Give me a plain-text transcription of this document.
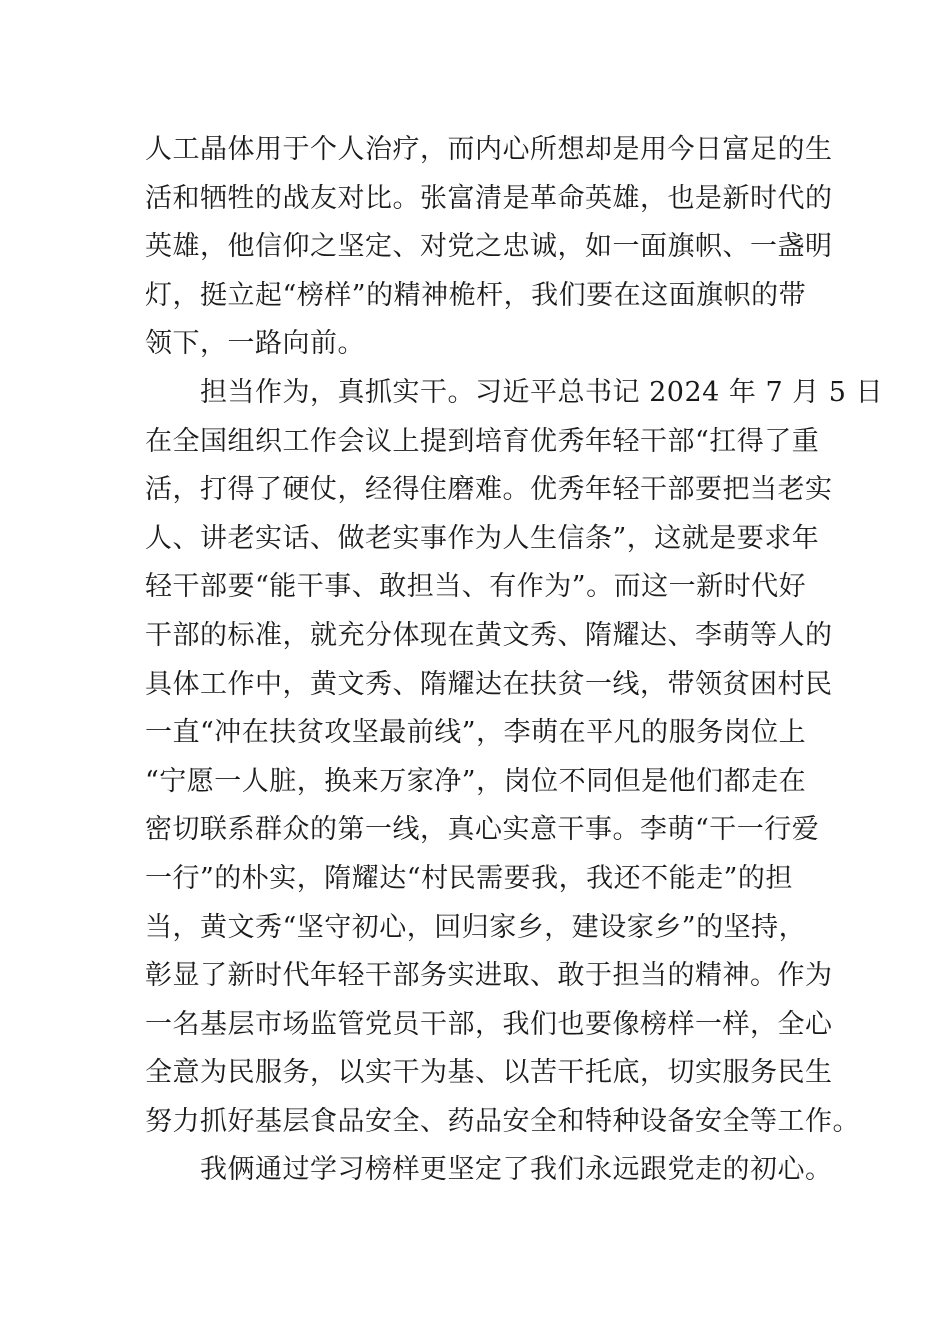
人工晶体用于个人治疗，而内心所想却是用今日富足的生
活和牺牲的战友对比。张富清是革命英雄，也是新时代的
英雄，他信仰之坚定、对党之忠诚，如一面旗帜、一盏明
灯，挺立起“榜样”的精神桅杆，我们要在这面旗帜的带
领下，一路向前。
　　担当作为，真抓实干。习近平总书记 2024 年 7 月 5 日
在全国组织工作会议上提到培育优秀年轻干部“扛得了重
活，打得了硬仗，经得住磨难。优秀年轻干部要把当老实
人、讲老实话、做老实事作为人生信条”，这就是要求年
轻干部要“能干事、敢担当、有作为”。而这一新时代好
干部的标准，就充分体现在黄文秀、隋耀达、李萌等人的
具体工作中，黄文秀、隋耀达在扶贫一线，带领贫困村民
一直“冲在扶贫攻坚最前线”，李萌在平凡的服务岗位上
“宁愿一人脏，换来万家净”，岗位不同但是他们都走在
密切联系群众的第一线，真心实意干事。李萌“干一行爱
一行”的朴实，隋耀达“村民需要我，我还不能走”的担
当，黄文秀“坚守初心，回归家乡，建设家乡”的坚持，
彰显了新时代年轻干部务实进取、敢于担当的精神。作为
一名基层市场监管党员干部，我们也要像榜样一样，全心
全意为民服务，以实干为基、以苦干托底，切实服务民生
努力抓好基层食品安全、药品安全和特种设备安全等工作。
　　我俩通过学习榜样更坚定了我们永远跟党走的初心。
